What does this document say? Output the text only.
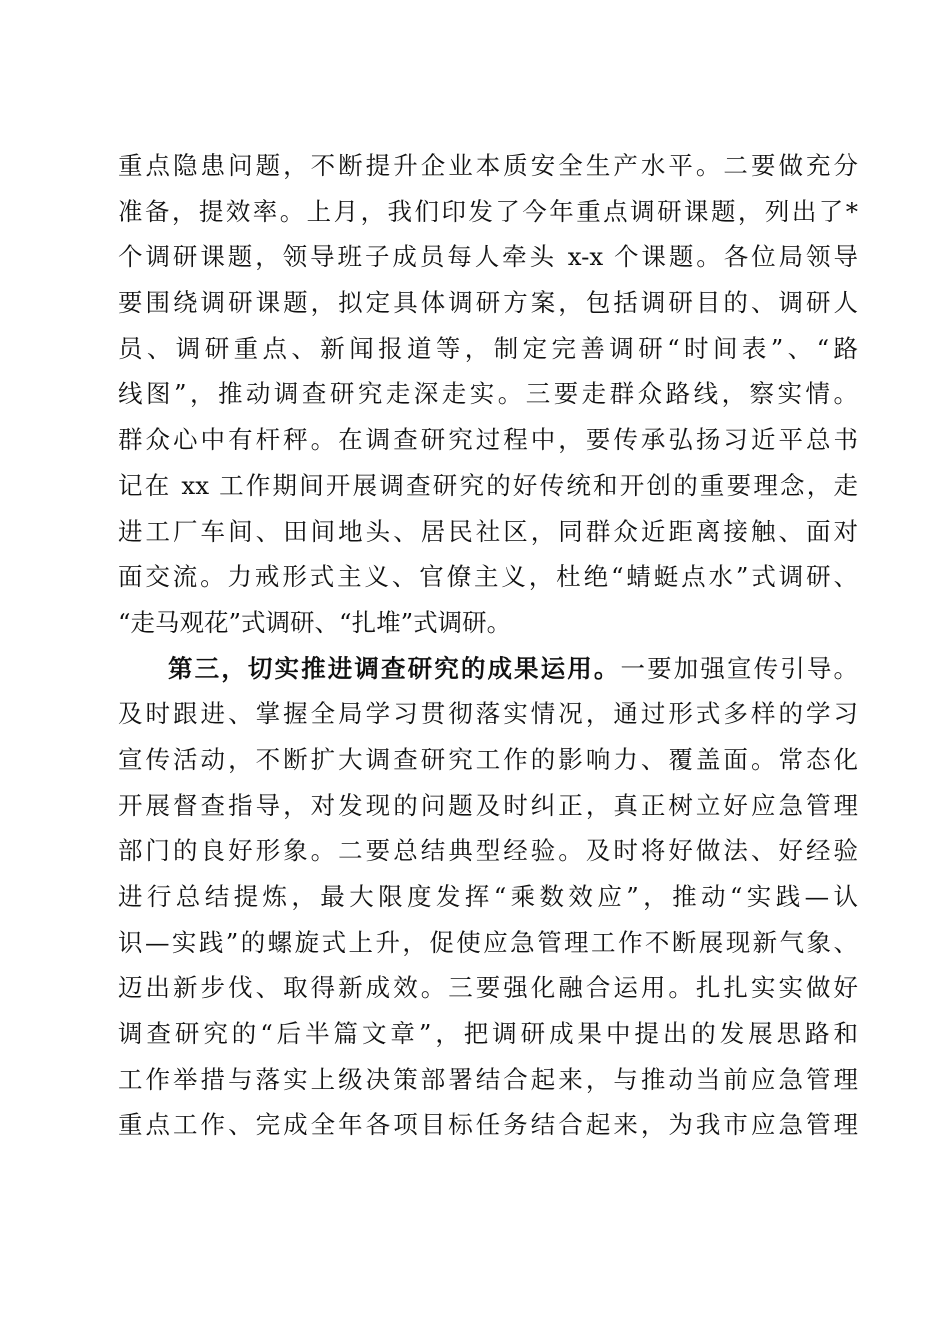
重点隐患问题，不断提升企业本质安全生产水平。二要做充分
准备，提效率。上月，我们印发了今年重点调研课题，列出了*
个调研课题，领导班子成员每人牵头 x-x 个课题。各位局领导
要围绕调研课题，拟定具体调研方案，包括调研目的、调研人
员、调研重点、新闻报道等，制定完善调研“时间表”、“路
线图”，推动调查研究走深走实。三要走群众路线，察实情。
群众心中有杆秤。在调查研究过程中，要传承弘扬习近平总书
记在 xx 工作期间开展调查研究的好传统和开创的重要理念，走
进工厂车间、田间地头、居民社区，同群众近距离接触、面对
面交流。力戒形式主义、官僚主义，杜绝“蜻蜓点水”式调研、
“走马观花”式调研、“扎堆”式调研。
第三，切实推进调查研究的成果运用。一要加强宣传引导。
及时跟进、掌握全局学习贯彻落实情况，通过形式多样的学习
宣传活动，不断扩大调查研究工作的影响力、覆盖面。常态化
开展督查指导，对发现的问题及时纠正，真正树立好应急管理
部门的良好形象。二要总结典型经验。及时将好做法、好经验
进行总结提炼，最大限度发挥“乘数效应”，推动“实践—认
识—实践”的螺旋式上升，促使应急管理工作不断展现新气象、
迈出新步伐、取得新成效。三要强化融合运用。扎扎实实做好
调查研究的“后半篇文章”，把调研成果中提出的发展思路和
工作举措与落实上级决策部署结合起来，与推动当前应急管理
重点工作、完成全年各项目标任务结合起来，为我市应急管理
